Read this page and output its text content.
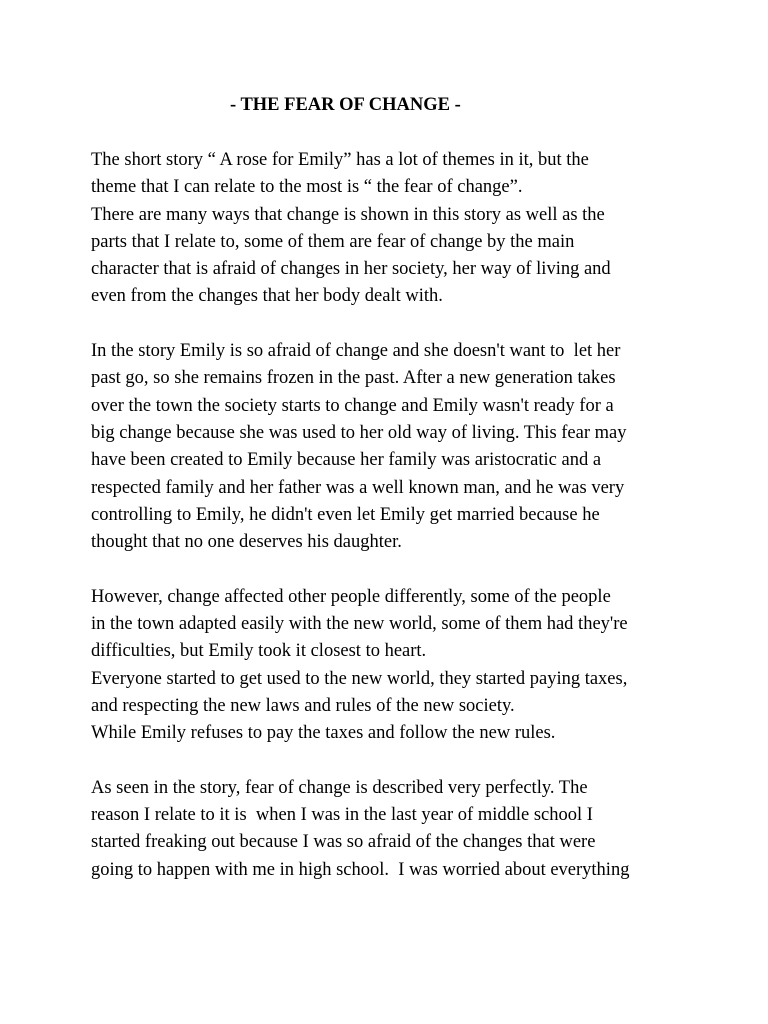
- THE FEAR OF CHANGE -
The short story “ A rose for Emily” has a lot of themes in it, but the
theme that I can relate to the most is “ the fear of change”.
There are many ways that change is shown in this story as well as the
parts that I relate to, some of them are fear of change by the main
character that is afraid of changes in her society, her way of living and
even from the changes that her body dealt with.
In the story Emily is so afraid of change and she doesn't want to  let her
past go, so she remains frozen in the past. After a new generation takes
over the town the society starts to change and Emily wasn't ready for a
big change because she was used to her old way of living. This fear may
have been created to Emily because her family was aristocratic and a
respected family and her father was a well known man, and he was very
controlling to Emily, he didn't even let Emily get married because he
thought that no one deserves his daughter.
However, change affected other people differently, some of the people
in the town adapted easily with the new world, some of them had they're
difficulties, but Emily took it closest to heart.
Everyone started to get used to the new world, they started paying taxes,
and respecting the new laws and rules of the new society.
While Emily refuses to pay the taxes and follow the new rules.
As seen in the story, fear of change is described very perfectly. The
reason I relate to it is  when I was in the last year of middle school I
started freaking out because I was so afraid of the changes that were
going to happen with me in high school.  I was worried about everything
